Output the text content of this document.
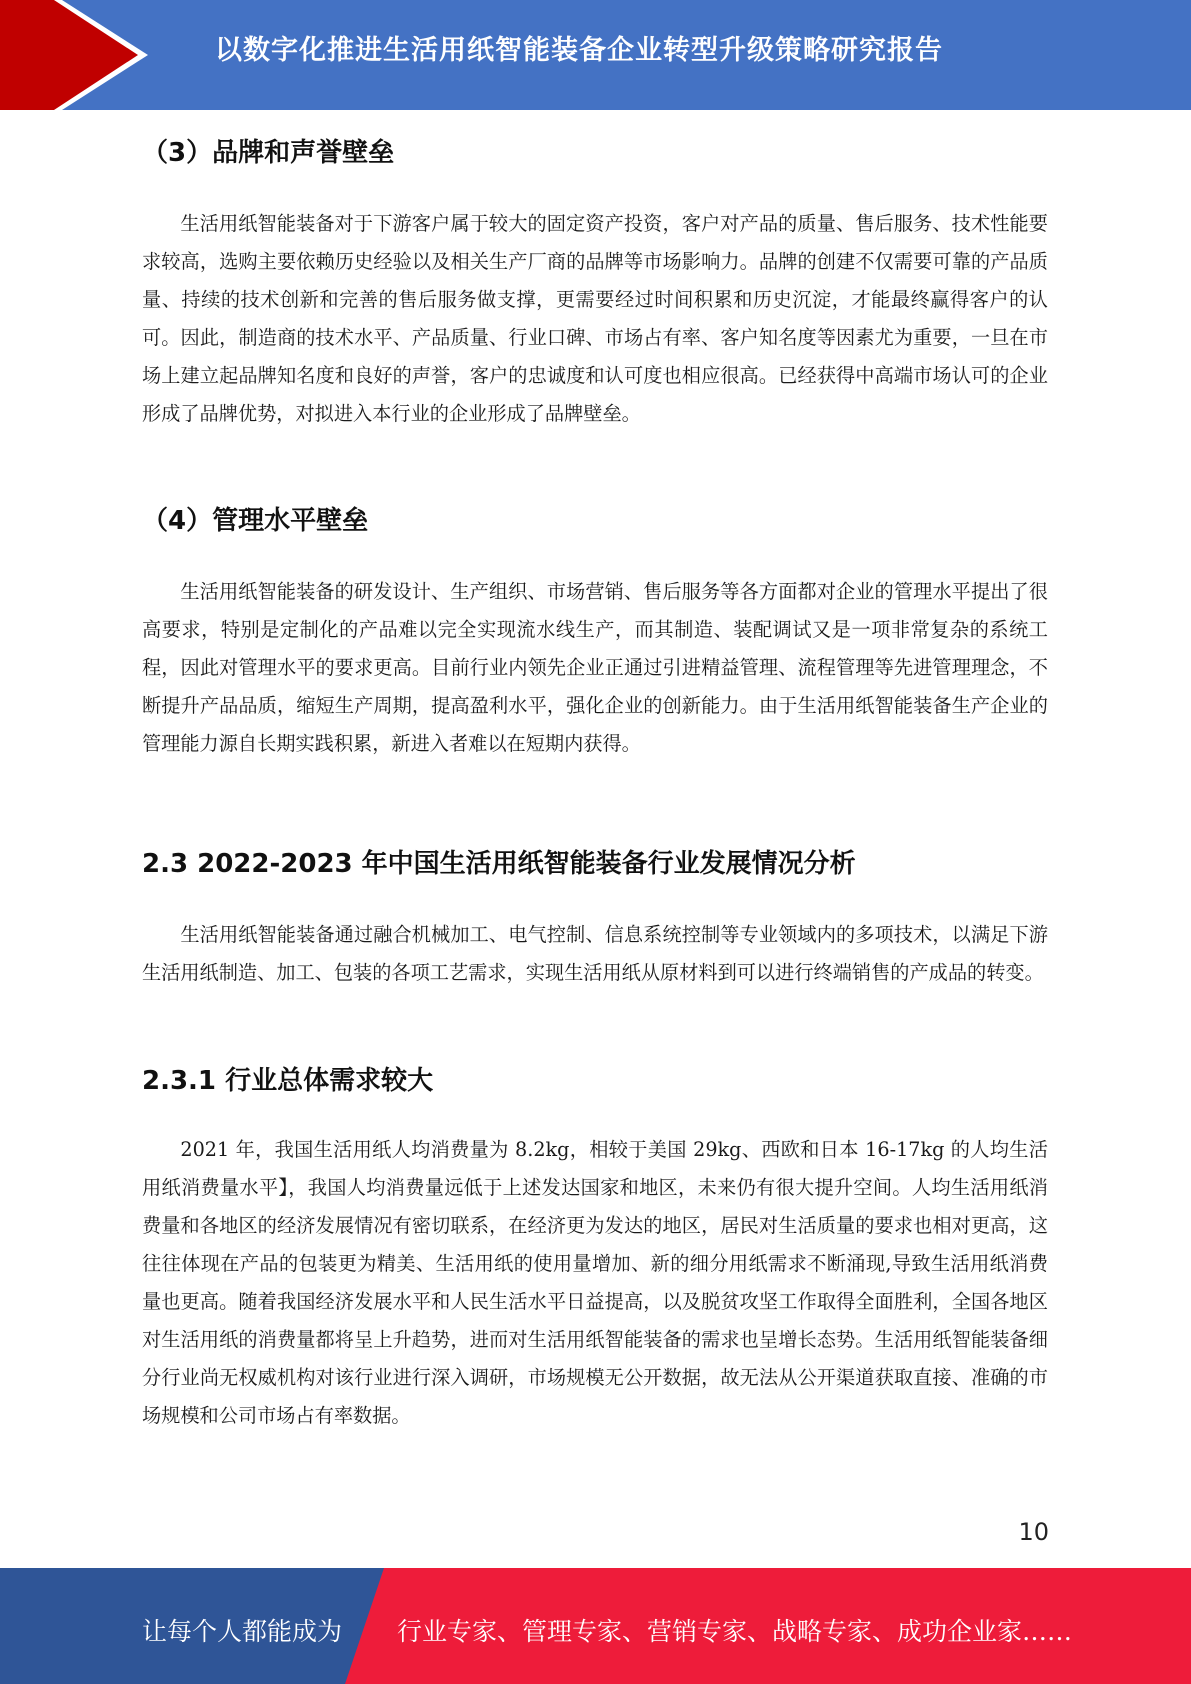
以数字化推进生活用纸智能装备企业转型升级策略研究报告
（3）品牌和声誉壁垒

生活用纸智能装备对于下游客户属于较大的固定资产投资，客户对产品的质量、售后服务、技术性能要求较高，选购主要依赖历史经验以及相关生产厂商的品牌等市场影响力。品牌的创建不仅需要可靠的产品质量、持续的技术创新和完善的售后服务做支撑，更需要经过时间积累和历史沉淀，才能最终赢得客户的认可。因此，制造商的技术水平、产品质量、行业口碑、市场占有率、客户知名度等因素尤为重要，一旦在市场上建立起品牌知名度和良好的声誉，客户的忠诚度和认可度也相应很高。已经获得中高端市场认可的企业形成了品牌优势，对拟进入本行业的企业形成了品牌壁垒。

（4）管理水平壁垒

生活用纸智能装备的研发设计、生产组织、市场营销、售后服务等各方面都对企业的管理水平提出了很高要求，特别是定制化的产品难以完全实现流水线生产，而其制造、装配调试又是一项非常复杂的系统工程，因此对管理水平的要求更高。目前行业内领先企业正通过引进精益管理、流程管理等先进管理理念，不断提升产品品质，缩短生产周期，提高盈利水平，强化企业的创新能力。由于生活用纸智能装备生产企业的管理能力源自长期实践积累，新进入者难以在短期内获得。

2.3 2022-2023 年中国生活用纸智能装备行业发展情况分析

生活用纸智能装备通过融合机械加工、电气控制、信息系统控制等专业领域内的多项技术，以满足下游生活用纸制造、加工、包装的各项工艺需求，实现生活用纸从原材料到可以进行终端销售的产成品的转变。

2.3.1 行业总体需求较大

2021 年，我国生活用纸人均消费量为 8.2kg，相较于美国 29kg、西欧和日本 16-17kg 的人均生活用纸消费量水平】，我国人均消费量远低于上述发达国家和地区，未来仍有很大提升空间。人均生活用纸消费量和各地区的经济发展情况有密切联系，在经济更为发达的地区，居民对生活质量的要求也相对更高，这往往体现在产品的包装更为精美、生活用纸的使用量增加、新的细分用纸需求不断涌现,导致生活用纸消费量也更高。随着我国经济发展水平和人民生活水平日益提高，以及脱贫攻坚工作取得全面胜利，全国各地区对生活用纸的消费量都将呈上升趋势，进而对生活用纸智能装备的需求也呈增长态势。生活用纸智能装备细分行业尚无权威机构对该行业进行深入调研，市场规模无公开数据，故无法从公开渠道获取直接、准确的市场规模和公司市场占有率数据。

10
让每个人都能成为 行业专家、管理专家、营销专家、战略专家、成功企业家……
